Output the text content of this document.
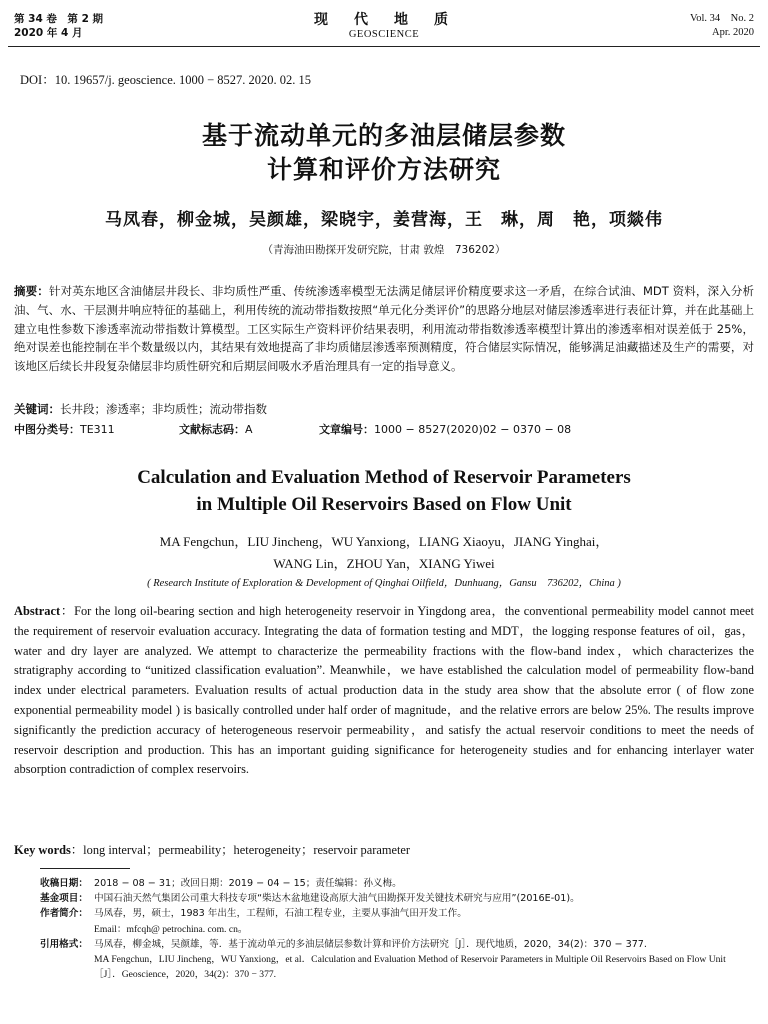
第 34 卷　第 2 期
2020 年 4 月
现　代　地　质
GEOSCIENCE
Vol. 34　No. 2
Apr. 2020
DOI：10. 19657/j. geoscience. 1000 − 8527. 2020. 02. 15
基于流动单元的多油层储层参数
计算和评价方法研究
马凤春，柳金城，吴颜雄，梁晓宇，姜营海，王　琳，周　艳，项燚伟
（青海油田勘探开发研究院，甘肃 敦煌　736202）
摘要：针对英东地区含油储层井段长、非均质性严重、传统渗透率模型无法满足储层评价精度要求这一矛盾，在综合试油、MDT 资料，深入分析油、气、水、干层测井响应特征的基础上，利用传统的流动带指数按照“单元化分类评价”的思路分地层对储层渗透率进行表征计算，并在此基础上建立电性参数下渗透率流动带指数计算模型。工区实际生产资料评价结果表明，利用流动带指数渗透率模型计算出的渗透率相对误差低于 25%，绝对误差也能控制在半个数量级以内，其结果有效地提高了非均质储层渗透率预测精度，符合储层实际情况，能够满足油藏描述及生产的需要，对该地区后续长井段复杂储层非均质性研究和后期层间吸水矛盾治理具有一定的指导意义。
关键词：长井段；渗透率；非均质性；流动带指数
中图分类号：TE311	文献标志码：A	文章编号：1000 − 8527(2020)02 − 0370 − 08
Calculation and Evaluation Method of Reservoir Parameters
in Multiple Oil Reservoirs Based on Flow Unit
MA Fengchun，LIU Jincheng，WU Yanxiong，LIANG Xiaoyu，JIANG Yinghai，
WANG Lin，ZHOU Yan，XIANG Yiwei
( Research Institute of Exploration & Development of Qinghai Oilfield，Dunhuang，Gansu　736202，China )
Abstract：For the long oil-bearing section and high heterogeneity reservoir in Yingdong area，the conventional permeability model cannot meet the requirement of reservoir evaluation accuracy. Integrating the data of formation testing and MDT，the logging response features of oil，gas，water and dry layer are analyzed. We attempt to characterize the permeability fractions with the flow-band index，which characterizes the stratigraphy according to “unitized classification evaluation”. Meanwhile，we have established the calculation model of permeability flow-band index under electrical parameters. Evaluation results of actual production data in the study area show that the absolute error ( of flow zone exponential permeability model ) is basically controlled under half order of magnitude，and the relative errors are below 25%. The results improve significantly the prediction accuracy of heterogeneous reservoir permeability，and satisfy the actual reservoir conditions to meet the needs of reservoir description and production. This has an important guiding significance for heterogeneity studies and for enhancing interlayer water absorption contradiction of complex reservoirs.
Key words：long interval；permeability；heterogeneity；reservoir parameter
收稿日期： 2018 − 08 − 31；改回日期：2019 − 04 − 15；责任编辑：孙义梅。
基金项目： 中国石油天然气集团公司重大科技专项“柴达木盆地建设高原大油气田勘探开发关键技术研究与应用”(2016E-01)。
作者简介： 马凤春，男，硕士，1983 年出生，工程师，石油工程专业，主要从事油气田开发工作。
Email：mfcqh@ petrochina. com. cn。
引用格式： 马凤春，柳金城，吴颜雄，等．基于流动单元的多油层储层参数计算和评价方法研究［J］．现代地质，2020，34(2)：370 − 377.
MA Fengchun，LIU Jincheng，WU Yanxiong，et al．Calculation and Evaluation Method of Reservoir Parameters in Multiple Oil Reservoirs Based on Flow Unit［J］．Geoscience，2020，34(2)：370 − 377.
